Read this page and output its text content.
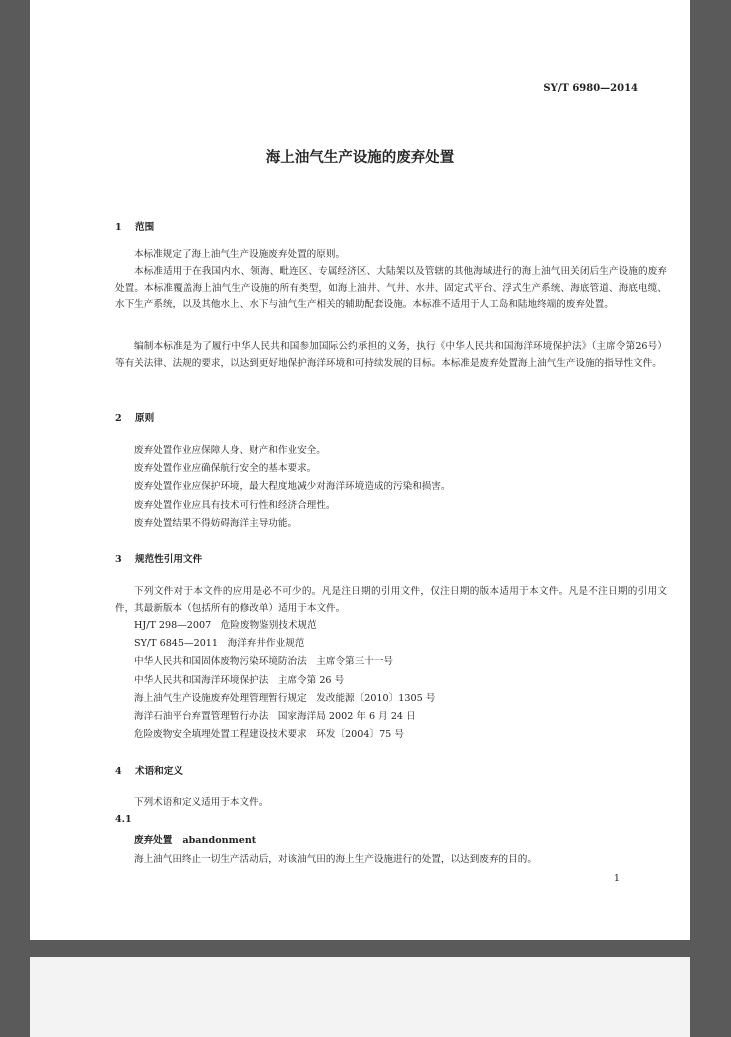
SY/T 6980—2014
海上油气生产设施的废弃处置
1 范围

本标准规定了海上油气生产设施废弃处置的原则。

本标准适用于在我国内水、领海、毗连区、专属经济区、大陆架以及管辖的其他海域进行的海上油气田关闭后生产设施的废弃处置。本标准覆盖海上油气生产设施的所有类型，如海上油井、气井、水井、固定式平台、浮式生产系统、海底管道、海底电缆、水下生产系统，以及其他水上、水下与油气生产相关的辅助配套设施。本标准不适用于人工岛和陆地终端的废弃处置。

编制本标准是为了履行中华人民共和国参加国际公约承担的义务，执行《中华人民共和国海洋环境保护法》（主席令第26号）等有关法律、法规的要求，以达到更好地保护海洋环境和可持续发展的目标。本标准是废弃处置海上油气生产设施的指导性文件。

2 原则
废弃处置作业应保障人身、财产和作业安全。
废弃处置作业应确保航行安全的基本要求。
废弃处置作业应保护环境，最大程度地减少对海洋环境造成的污染和损害。
废弃处置作业应具有技术可行性和经济合理性。
废弃处置结果不得妨碍海洋主导功能。
3 规范性引用文件

下列文件对于本文件的应用是必不可少的。凡是注日期的引用文件，仅注日期的版本适用于本文件。凡是不注日期的引用文件，其最新版本（包括所有的修改单）适用于本文件。

HJ/T 298—2007　危险废物鉴别技术规范
SY/T 6845—2011　海洋弃井作业规范
中华人民共和国固体废物污染环境防治法　主席令第三十一号
中华人民共和国海洋环境保护法　主席令第 26 号
海上油气生产设施废弃处理管理暂行规定　发改能源〔2010〕1305 号
海洋石油平台弃置管理暂行办法　国家海洋局 2002 年 6 月 24 日
危险废物安全填埋处置工程建设技术要求　环发〔2004〕75 号
4 术语和定义

下列术语和定义适用于本文件。

4.1
废弃处置 abandonment
海上油气田终止一切生产活动后，对该油气田的海上生产设施进行的处置，以达到废弃的目的。
1
